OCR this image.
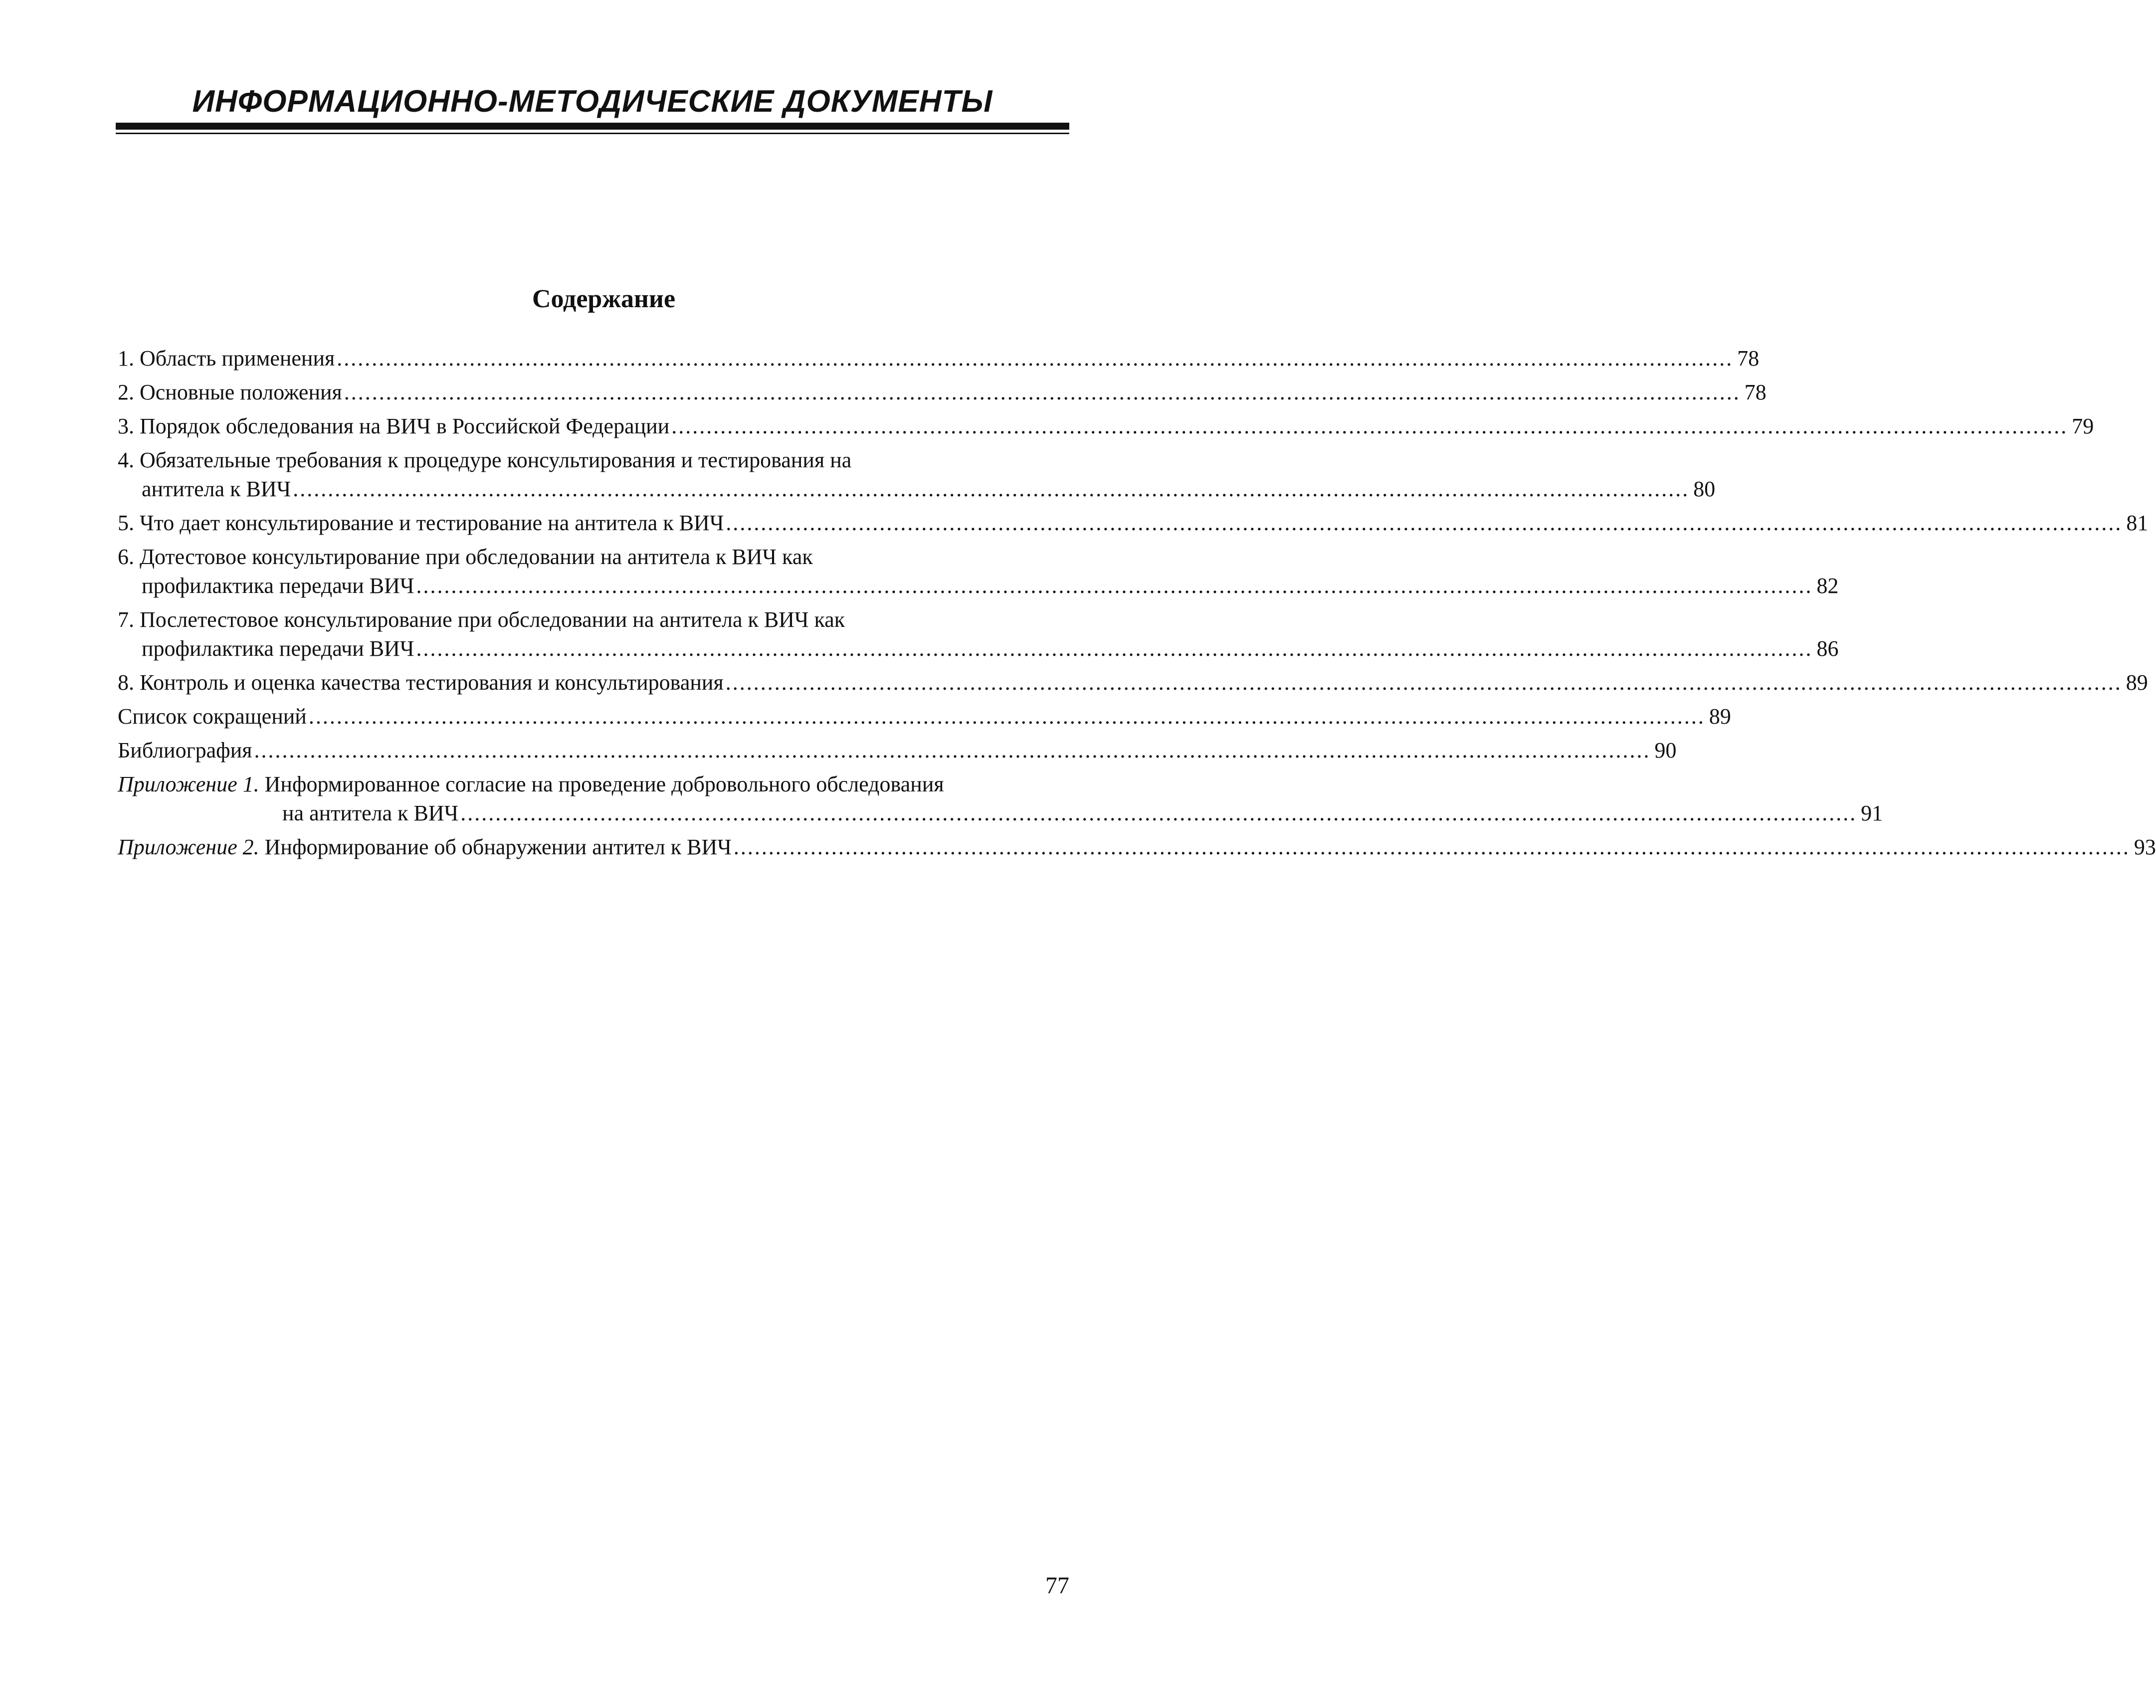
ИНФОРМАЦИОННО-МЕТОДИЧЕСКИЕ ДОКУМЕНТЫ
Содержание
1. Область применения ........................................................................................................................................................................................................ 78
2. Основные положения ........................................................................................................................................................................................................ 78
3. Порядок обследования на ВИЧ в Российской Федерации ........................................................................................................................................................................................................ 79
4. Обязательные требования к процедуре консультирования и тестирования на
антитела к ВИЧ ........................................................................................................................................................................................................ 80
5. Что дает консультирование и тестирование на антитела к ВИЧ ........................................................................................................................................................................................................ 81
6. Дотестовое консультирование при обследовании на антитела к ВИЧ как
профилактика передачи ВИЧ ........................................................................................................................................................................................................ 82
7. Послетестовое консультирование при обследовании на антитела к ВИЧ как
профилактика передачи ВИЧ ........................................................................................................................................................................................................ 86
8. Контроль и оценка качества тестирования и консультирования ........................................................................................................................................................................................................ 89
Список сокращений ........................................................................................................................................................................................................ 89
Библиография ........................................................................................................................................................................................................ 90
Приложение 1. Информированное согласие на проведение добровольного обследования
на антитела к ВИЧ ........................................................................................................................................................................................................ 91
Приложение 2. Информирование об обнаружении антител к ВИЧ ........................................................................................................................................................................................................ 93
77
